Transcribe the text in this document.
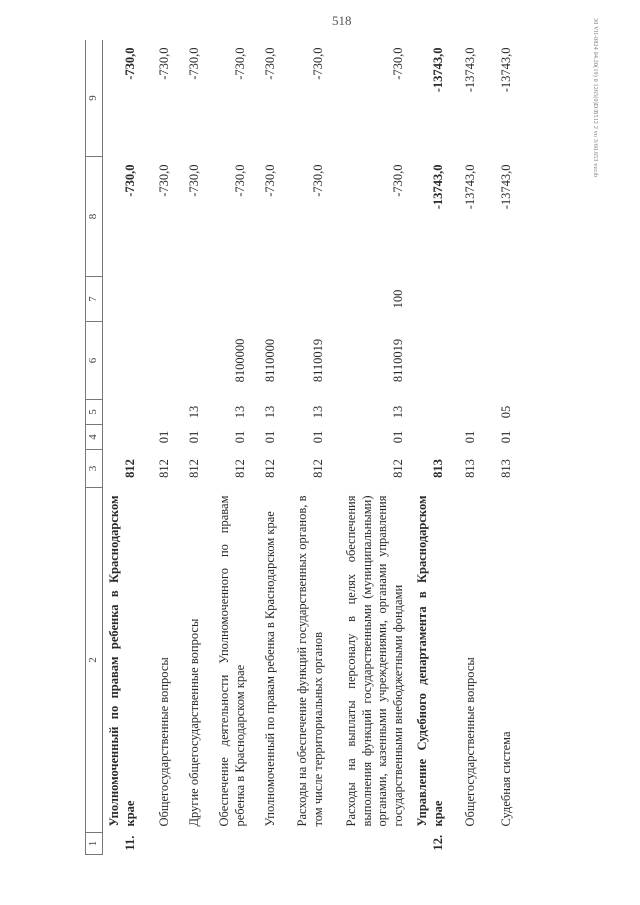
518	30 VII-0824 04.20(19) 0 1265(0)D/B512 2 vu 3/60.653 vecib
1	2	3	4	5	6	7	8	9
11.	Уполномоченный по правам ребенка в Краснодарском крае	812					-730,0	-730,0
	Общегосударственные вопросы	812	01				-730,0	-730,0
	Другие общегосударственные вопросы	812	01	13			-730,0	-730,0
	Обеспечение деятельности Уполномоченного по правам ребенка в Краснодарском крае	812	01	13	8100000		-730,0	-730,0
	Уполномоченный по правам ребенка в Краснодарском крае	812	01	13	8110000		-730,0	-730,0
	Расходы на обеспечение функций государственных органов, в том числе территориальных органов	812	01	13	8110019		-730,0	-730,0
	Расходы на выплаты персоналу в целях обеспечения выполнения функций государственными (муниципальными) органами, казенными учреждениями, органами управления государственными внебюджетными фондами	812	01	13	8110019	100	-730,0	-730,0
12.	Управление Судебного департамента в Краснодарском крае	813					-13743,0	-13743,0
	Общегосударственные вопросы	813	01				-13743,0	-13743,0
	Судебная система	813	01	05			-13743,0	-13743,0
